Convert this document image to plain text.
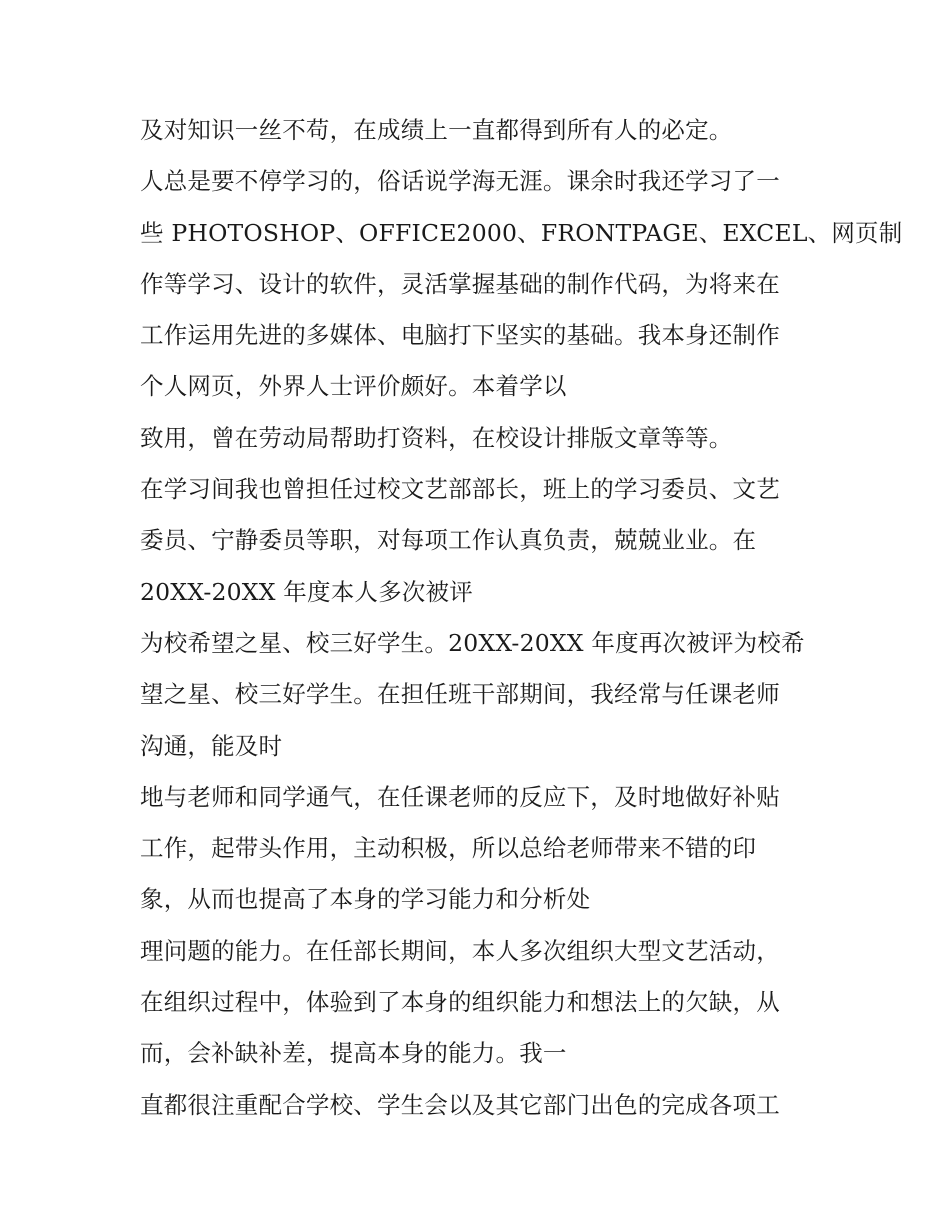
及对知识一丝不苟，在成绩上一直都得到所有人的必定。
人总是要不停学习的，俗话说学海无涯。课余时我还学习了一
些 PHOTOSHOP、OFFICE2000、FRONTPAGE、EXCEL、网页制
作等学习、设计的软件，灵活掌握基础的制作代码，为将来在
工作运用先进的多媒体、电脑打下坚实的基础。我本身还制作
个人网页，外界人士评价颇好。本着学以
致用，曾在劳动局帮助打资料，在校设计排版文章等等。
在学习间我也曾担任过校文艺部部长，班上的学习委员、文艺
委员、宁静委员等职，对每项工作认真负责，兢兢业业。在
20XX-20XX 年度本人多次被评
为校希望之星、校三好学生。20XX-20XX 年度再次被评为校希
望之星、校三好学生。在担任班干部期间，我经常与任课老师
沟通，能及时
地与老师和同学通气，在任课老师的反应下，及时地做好补贴
工作，起带头作用，主动积极，所以总给老师带来不错的印
象，从而也提高了本身的学习能力和分析处
理问题的能力。在任部长期间，本人多次组织大型文艺活动，
在组织过程中，体验到了本身的组织能力和想法上的欠缺，从
而，会补缺补差，提高本身的能力。我一
直都很注重配合学校、学生会以及其它部门出色的完成各项工
